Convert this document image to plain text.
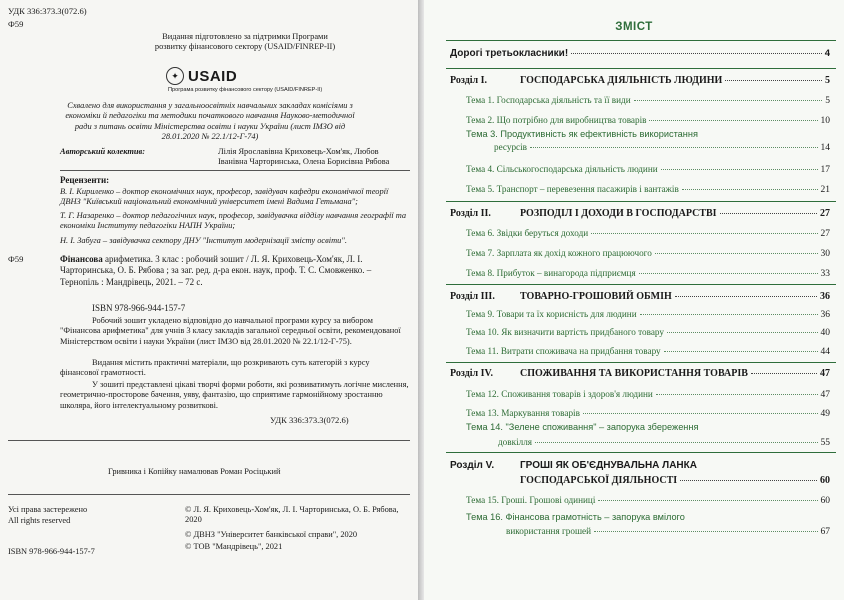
УДК 336:373.3(072.6)
Ф59
Видання підготовлено за підтримки Програми розвитку фінансового сектору (USAID/FINREP-II)
✦ USAID
Програма розвитку фінансового сектору (USAID/FINREP-II)
Схвалено для використання у загальноосвітніх навчальних закладах комісіями з економіки й педагогіки та методики початкового навчання Науково-методичної ради з питань освіти Міністерства освіти і науки України (лист ІМЗО від 28.01.2020 № 22.1/12-Г-74)
Авторський колектив:	Лілія Ярославівна Криховець-Хом'як, Любов Іванівна Чарторинська, Олена Борисівна Рябова
Рецензенти:
В. І. Кириленко – доктор економічних наук, професор, завідувач кафедри економічної теорії ДВНЗ "Київський національний економічний університет імені Вадима Гетьмана";
Т. Г. Назаренко – доктор педагогічних наук, професор, завідувачка відділу навчання географії та економіки Інституту педагогіки НАПН України;
Н. І. Забуга – завідувачка сектору ДНУ "Інститут модернізації змісту освіти".
Ф59	Фінансова арифметика. 3 клас : робочий зошит / Л. Я. Криховець-Хом'як, Л. І. Чарторинська, О. Б. Рябова ; за заг. ред. д-ра екон. наук, проф. Т. С. Смовженко. – Тернопіль : Мандрівець, 2021. – 72 с.
ISBN 978-966-944-157-7
Робочий зошит укладено відповідно до навчальної програми курсу за вибором "Фінансова арифметика" для учнів 3 класу закладів загальної середньої освіти, рекомендованої Міністерством освіти і науки України (лист ІМЗО від 28.01.2020 № 22.1/12-Г-75).
Видання містить практичні матеріали, що розкривають суть категорій з курсу фінансової грамотності.
У зошиті представлені цікаві творчі форми роботи, які розвиватимуть логічне мислення, геометрично-просторове бачення, уяву, фантазію, що сприятиме гармонійному зростанню школяра, його інтелектуальному розвиткові.
УДК 336:373.3(072.6)
Гривника і Копійку намалював Роман Росіцький
Усі права застережено
All rights reserved
ISBN 978-966-944-157-7
© Л. Я. Криховець-Хом'як, Л. І. Чарторинська, О. Б. Рябова, 2020
© ДВНЗ "Університет банківської справи", 2020
© ТОВ "Мандрівець", 2021
ЗМІСТ
Дорогі третьокласники!	4
Розділ I.	ГОСПОДАРСЬКА ДІЯЛЬНІСТЬ ЛЮДИНИ	5
Тема 1. Господарська діяльність та її види	5
Тема 2. Що потрібно для виробництва товарів	10
Тема 3. Продуктивність як ефективність використання
ресурсів	14
Тема 4. Сільськогосподарська діяльність людини	17
Тема 5. Транспорт – перевезення пасажирів і вантажів	21
Розділ II.	РОЗПОДІЛ І ДОХОДИ В ГОСПОДАРСТВІ	27
Тема 6. Звідки беруться доходи	27
Тема 7. Зарплата як дохід кожного працюючого	30
Тема 8. Прибуток – винагорода підприємця	33
Розділ III.	ТОВАРНО-ГРОШОВИЙ ОБМІН	36
Тема 9. Товари та їх корисність для людини	36
Тема 10. Як визначити вартість придбаного товару	40
Тема 11. Витрати споживача на придбання товару	44
Розділ IV.	СПОЖИВАННЯ ТА ВИКОРИСТАННЯ ТОВАРІВ	47
Тема 12. Споживання товарів і здоров'я людини	47
Тема 13. Маркування товарів	49
Тема 14. "Зелене споживання" – запорука збереження
довкілля	55
Розділ V.	ГРОШІ ЯК ОБ'ЄДНУВАЛЬНА ЛАНКА
ГОСПОДАРСЬКОЇ ДІЯЛЬНОСТІ	60
Тема 15. Гроші. Грошові одиниці	60
Тема 16. Фінансова грамотність – запорука вмілого
використання грошей	67
